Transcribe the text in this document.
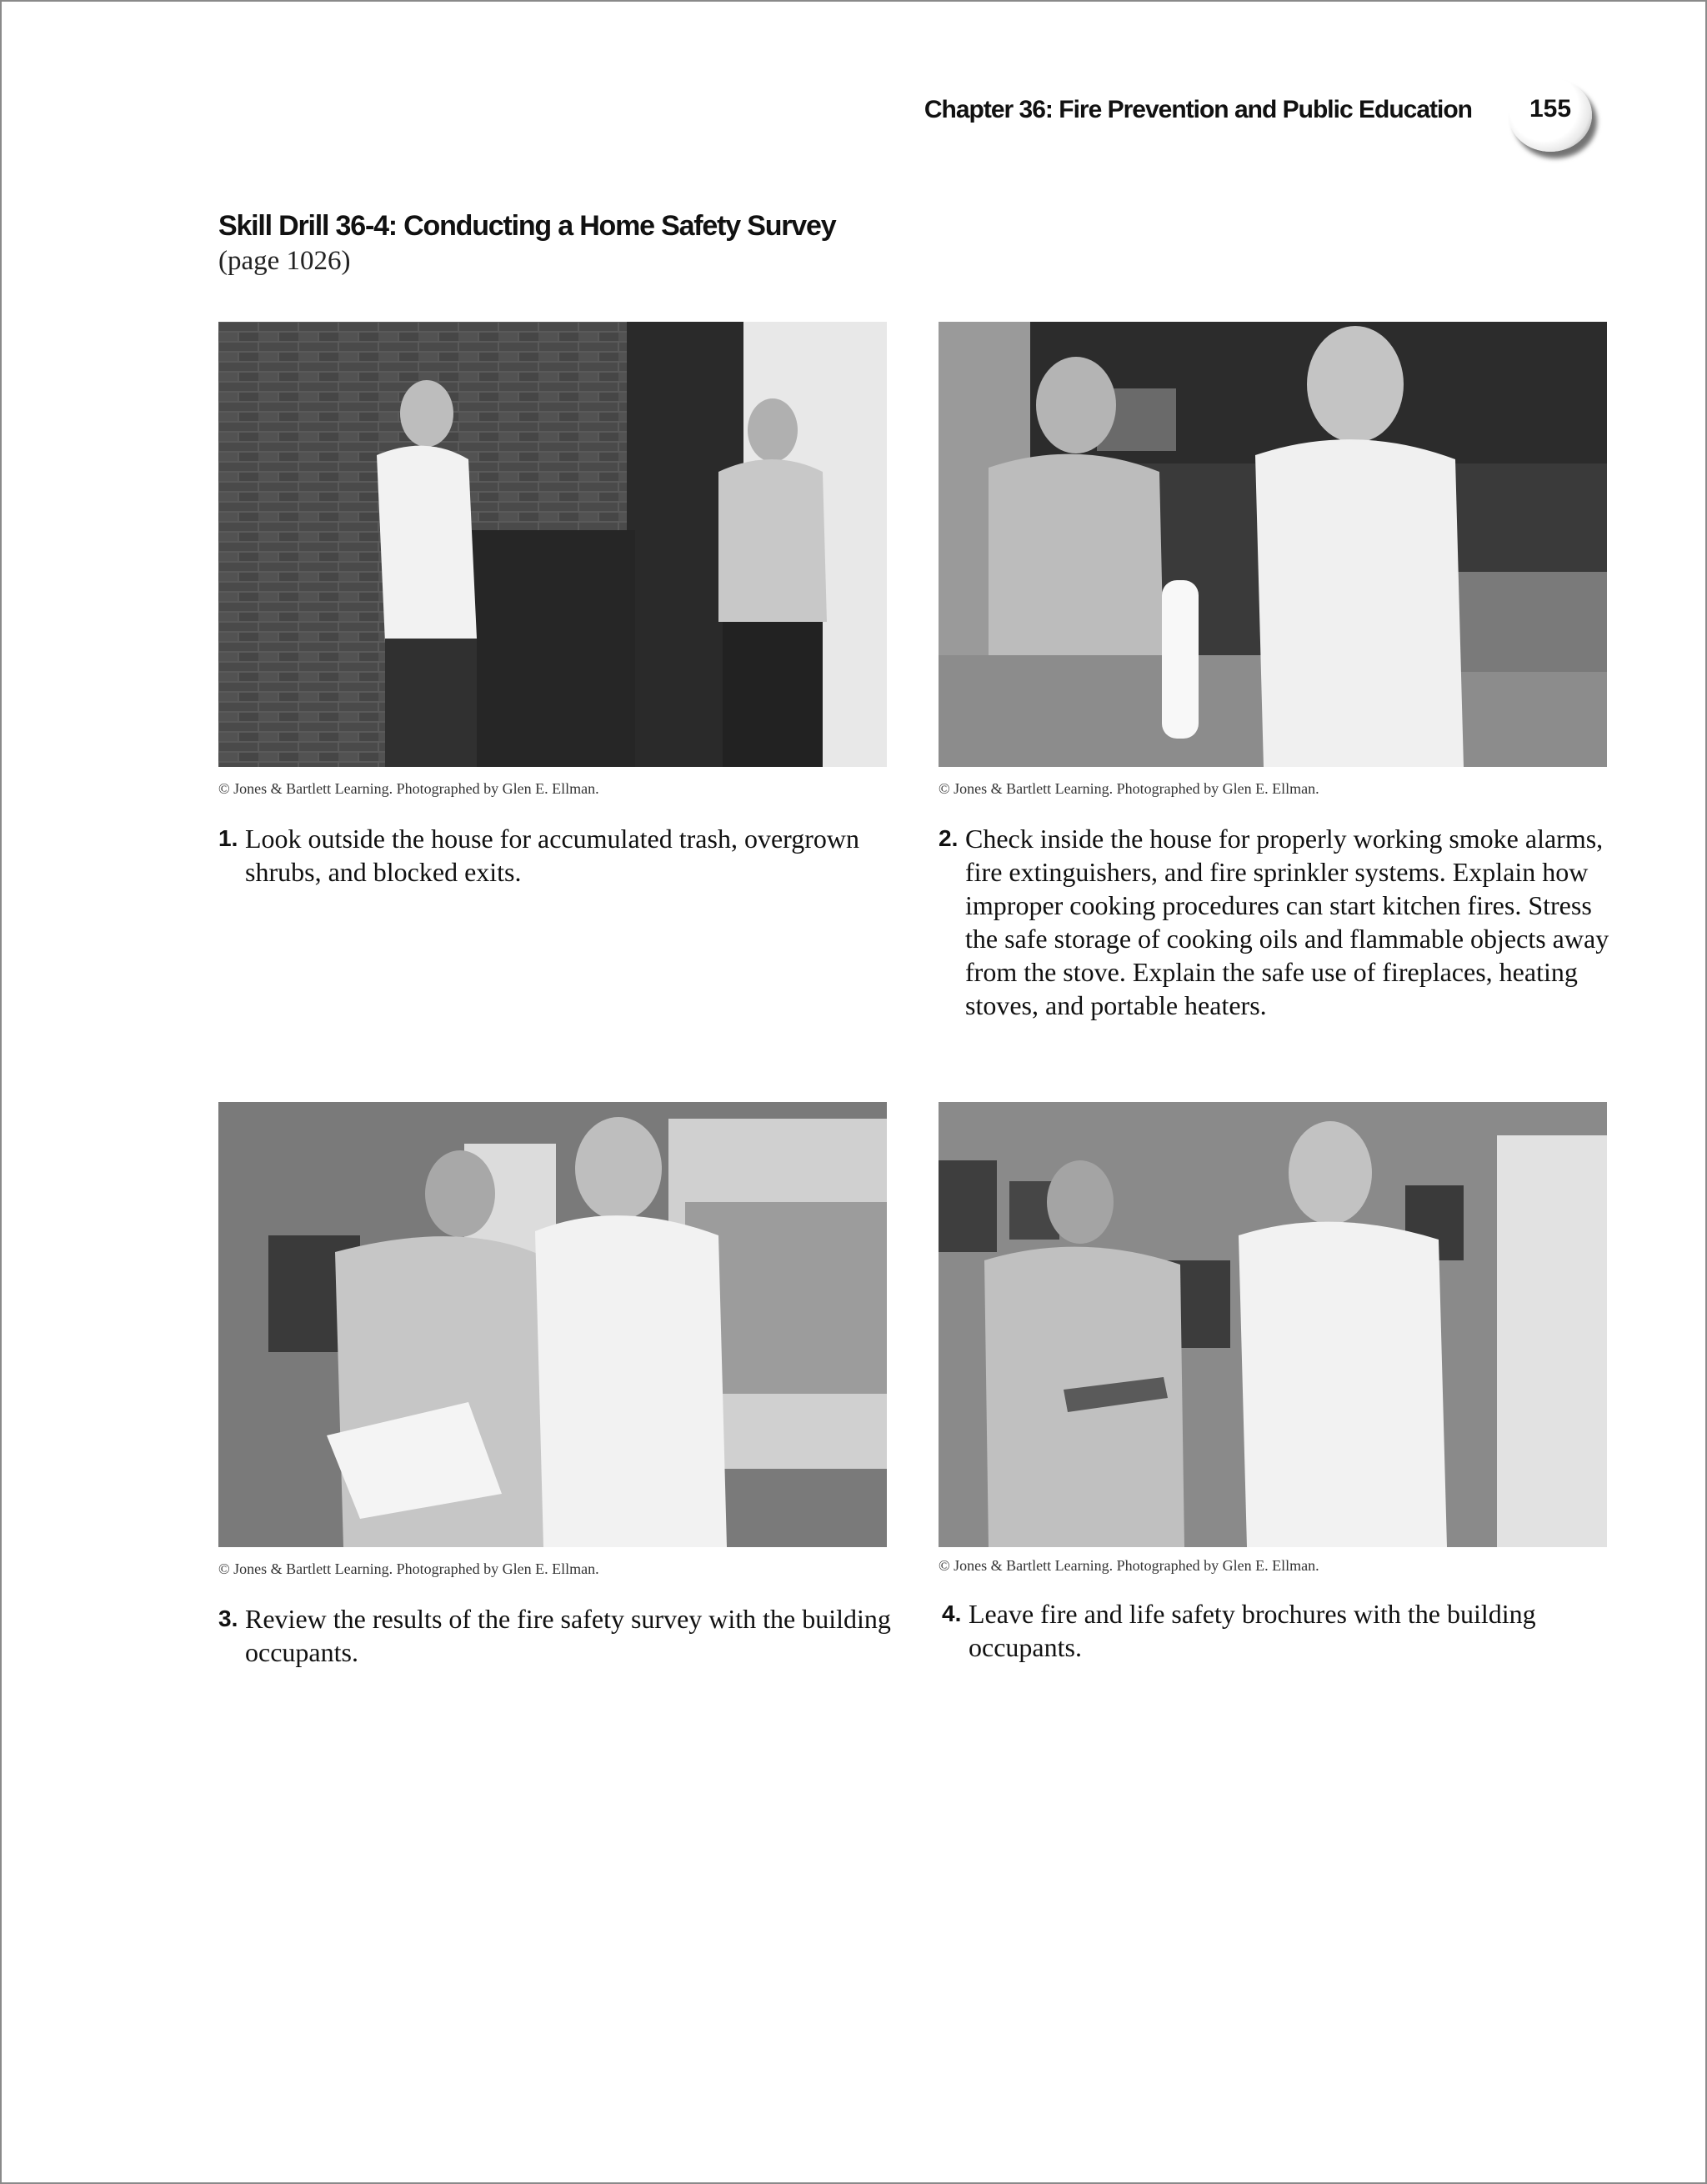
Chapter 36: Fire Prevention and Public Education	155
Skill Drill 36-4: Conducting a Home Safety Survey
(page 1026)
© Jones & Bartlett Learning. Photographed by Glen E. Ellman.	© Jones & Bartlett Learning. Photographed by Glen E. Ellman.
1. Look outside the house for accumulated trash, overgrown shrubs, and blocked exits.
2. Check inside the house for properly working smoke alarms, fire extinguishers, and fire sprinkler systems. Explain how improper cooking procedures can start kitchen fires. Stress the safe storage of cooking oils and flammable objects away from the stove. Explain the safe use of fireplaces, heating stoves, and portable heaters.
© Jones & Bartlett Learning. Photographed by Glen E. Ellman.	© Jones & Bartlett Learning. Photographed by Glen E. Ellman.
3. Review the results of the fire safety survey with the building occupants.
4. Leave fire and life safety brochures with the building occupants.
